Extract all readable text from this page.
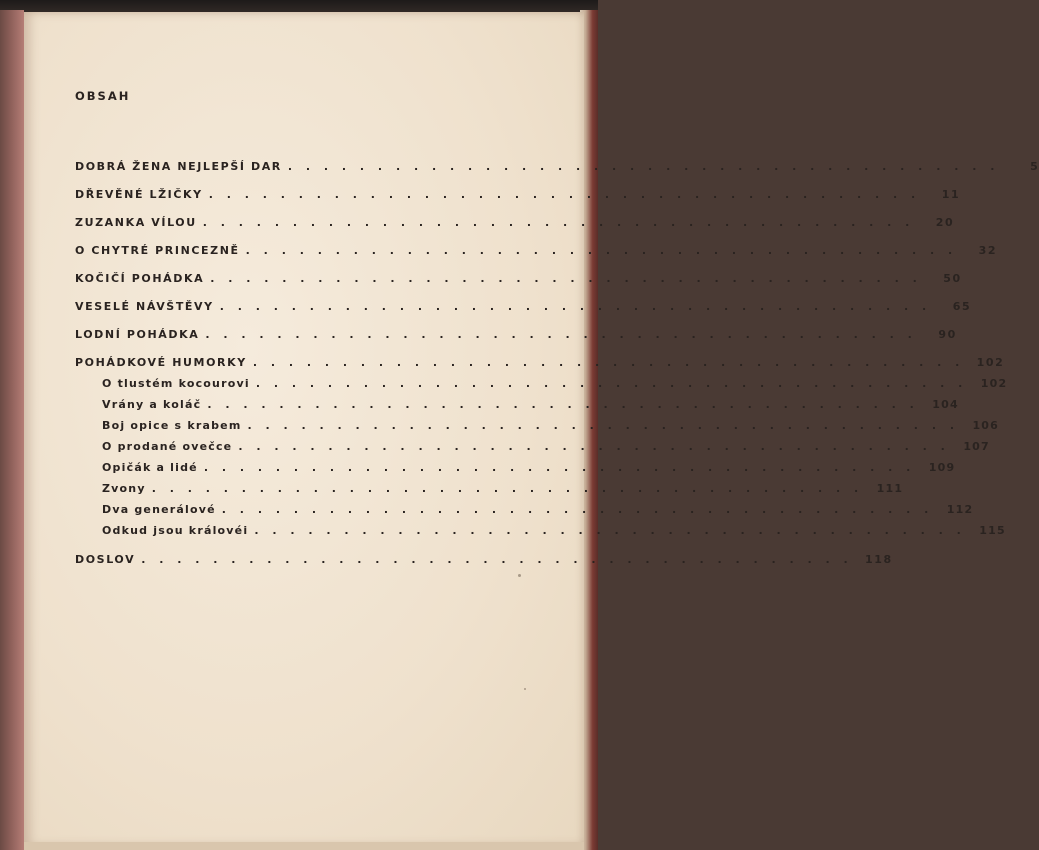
OBSAH
DOBRÁ ŽENA NEJLEPŠÍ DAR . . . . . . . . . . . . . . . . . . . . . . . . . . . . . . . . . . . . . . . .	5
DŘEVĚNÉ LŽIČKY . . . . . . . . . . . . . . . . . . . . . . . . . . . . . . . . . . . . . . . .	11
ZUZANKA VÍLOU . . . . . . . . . . . . . . . . . . . . . . . . . . . . . . . . . . . . . . . .	20
O CHYTRÉ PRINCEZNĚ . . . . . . . . . . . . . . . . . . . . . . . . . . . . . . . . . . . . . . . .	32
KOČIČÍ POHÁDKA . . . . . . . . . . . . . . . . . . . . . . . . . . . . . . . . . . . . . . . .	50
VESELÉ NÁVŠTĚVY . . . . . . . . . . . . . . . . . . . . . . . . . . . . . . . . . . . . . . . .	65
LODNÍ POHÁDKA . . . . . . . . . . . . . . . . . . . . . . . . . . . . . . . . . . . . . . . .	90
POHÁDKOVÉ HUMORKY . . . . . . . . . . . . . . . . . . . . . . . . . . . . . . . . . . . . . . . .	102
O tlustém kocourovi . . . . . . . . . . . . . . . . . . . . . . . . . . . . . . . . . . . . . . . .	102
Vrány a koláč . . . . . . . . . . . . . . . . . . . . . . . . . . . . . . . . . . . . . . . .	104
Boj opice s krabem . . . . . . . . . . . . . . . . . . . . . . . . . . . . . . . . . . . . . . . .	106
O prodané ovečce . . . . . . . . . . . . . . . . . . . . . . . . . . . . . . . . . . . . . . . .	107
Opičák a lidé . . . . . . . . . . . . . . . . . . . . . . . . . . . . . . . . . . . . . . . .	109
Zvony . . . . . . . . . . . . . . . . . . . . . . . . . . . . . . . . . . . . . . . .	111
Dva generálové . . . . . . . . . . . . . . . . . . . . . . . . . . . . . . . . . . . . . . . .	112
Odkud jsou královéi . . . . . . . . . . . . . . . . . . . . . . . . . . . . . . . . . . . . . . . .	115
DOSLOV . . . . . . . . . . . . . . . . . . . . . . . . . . . . . . . . . . . . . . . .	118
